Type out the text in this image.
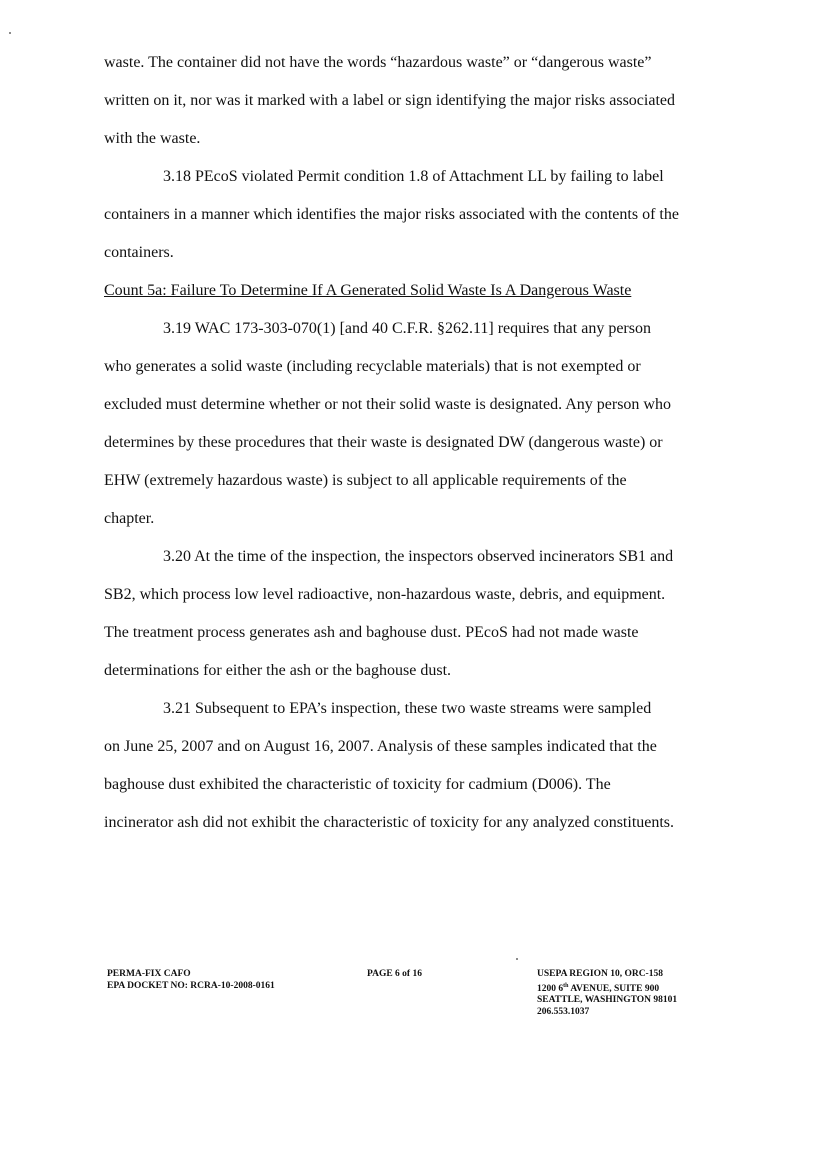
waste. The container did not have the words “hazardous waste” or “dangerous waste”
written on it, nor was it marked with a label or sign identifying the major risks associated
with the waste.
3.18 PEcoS violated Permit condition 1.8 of Attachment LL by failing to label
containers in a manner which identifies the major risks associated with the contents of the
containers.
Count 5a: Failure To Determine If A Generated Solid Waste Is A Dangerous Waste
3.19 WAC 173-303-070(1) [and 40 C.F.R. §262.11] requires that any person
who generates a solid waste (including recyclable materials) that is not exempted or
excluded must determine whether or not their solid waste is designated. Any person who
determines by these procedures that their waste is designated DW (dangerous waste) or
EHW (extremely hazardous waste) is subject to all applicable requirements of the
chapter.
3.20 At the time of the inspection, the inspectors observed incinerators SB1 and
SB2, which process low level radioactive, non-hazardous waste, debris, and equipment.
The treatment process generates ash and baghouse dust. PEcoS had not made waste
determinations for either the ash or the baghouse dust.
3.21 Subsequent to EPA’s inspection, these two waste streams were sampled
on June 25, 2007 and on August 16, 2007. Analysis of these samples indicated that the
baghouse dust exhibited the characteristic of toxicity for cadmium (D006). The
incinerator ash did not exhibit the characteristic of toxicity for any analyzed constituents.
PERMA-FIX CAFO
EPA DOCKET NO: RCRA-10-2008-0161
PAGE 6 of 16	USEPA REGION 10, ORC-158
1200 6th AVENUE, SUITE 900
SEATTLE, WASHINGTON 98101
206.553.1037
